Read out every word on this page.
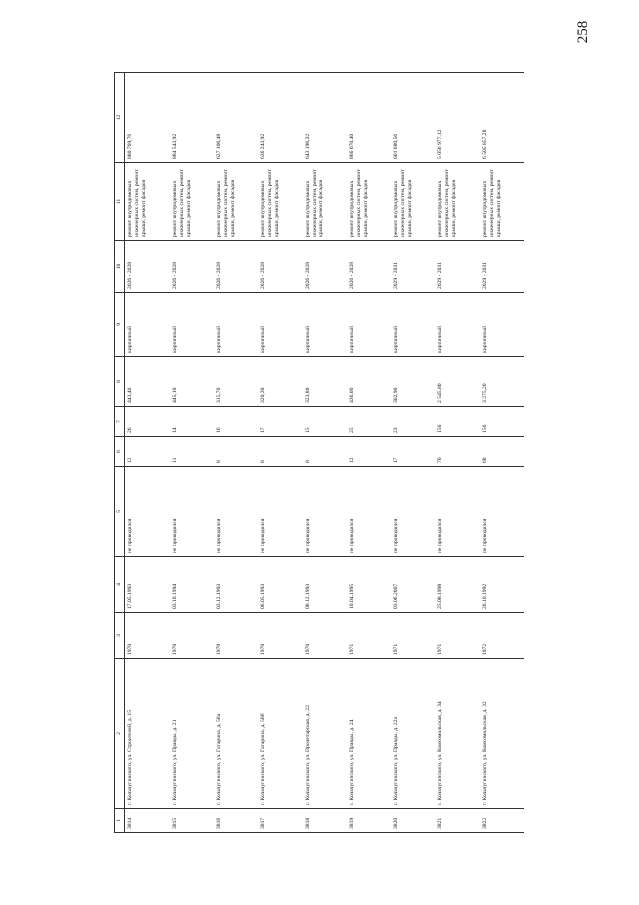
258
1	2	3	4	5	6	7	8	9	10	11	12
3814	г. Кольчугинского, ул. Строителей, д. 15	1970	17.05.1993	не проводился	12	26	443,40	кирпичный	2026 - 2028	ремонт внутридомовых инженерных систем, ремонт крыши, ремонт фасадов	880 769,76
3815	г. Кольчугинского, ул. Правды, д. 21	1970	03.10.1994	не проводился	11	14	445,10	кирпичный	2026 - 2028	ремонт внутридомовых инженерных систем, ремонт крыши, ремонт фасадов	884 543,92
3816	г. Кольчугинского, ул. Гагарина, д. 58а	1970	03.12.1993	не проводился	8	16	315,70	кирпичный	2026 - 2028	ремонт внутридомовых инженерных систем, ремонт крыши, ремонт фасадов	627 106,48
3817	г. Кольчугинского, ул. Гагарина, д. 58б	1970	06.05.1993	не проводился	8	17	320,30	кирпичный	2026 - 2028	ремонт внутридомовых инженерных систем, ремонт крыши, ремонт фасадов	636 243,92
3818	г. Кольчугинского, ул. Пролетарская, д. 22	1970	08.12.1993	не проводился	8	15	323,80	кирпичный	2026 - 2028	ремонт внутридомовых инженерных систем, ремонт крыши, ремонт фасадов	643 196,32
3819	г. Кольчугинского, ул. Правды, д. 24	1971	10.04.1995	не проводился	12	25	436,00	кирпичный	2026 - 2028	ремонт внутридомовых инженерных систем, ремонт крыши, ремонт фасадов	866 070,40
3820	г. Кольчугинского, ул. Правды, д. 22а	1971	03.06.2007	не проводился	17	23	302,90	кирпичный	2029 - 2031	ремонт внутридомовых инженерных систем, ремонт крыши, ремонт фасадов	601 680,56
3821	г. Кольчугинского, ул. Комсомольская, д. 34	1971	25.08.1998	не проводился	70	156	2 545,80	кирпичный	2029 - 2031	ремонт внутридомовых инженерных систем, ремонт крыши, ремонт фасадов	5 056 977,12
3822	г. Кольчугинского, ул. Комсомольская, д. 32	1972	26.10.1992	не проводился	68	156	3 275,20	кирпичный	2029 - 2031	ремонт внутридомовых инженерных систем, ремонт крыши, ремонт фасадов	6 505 857,28
